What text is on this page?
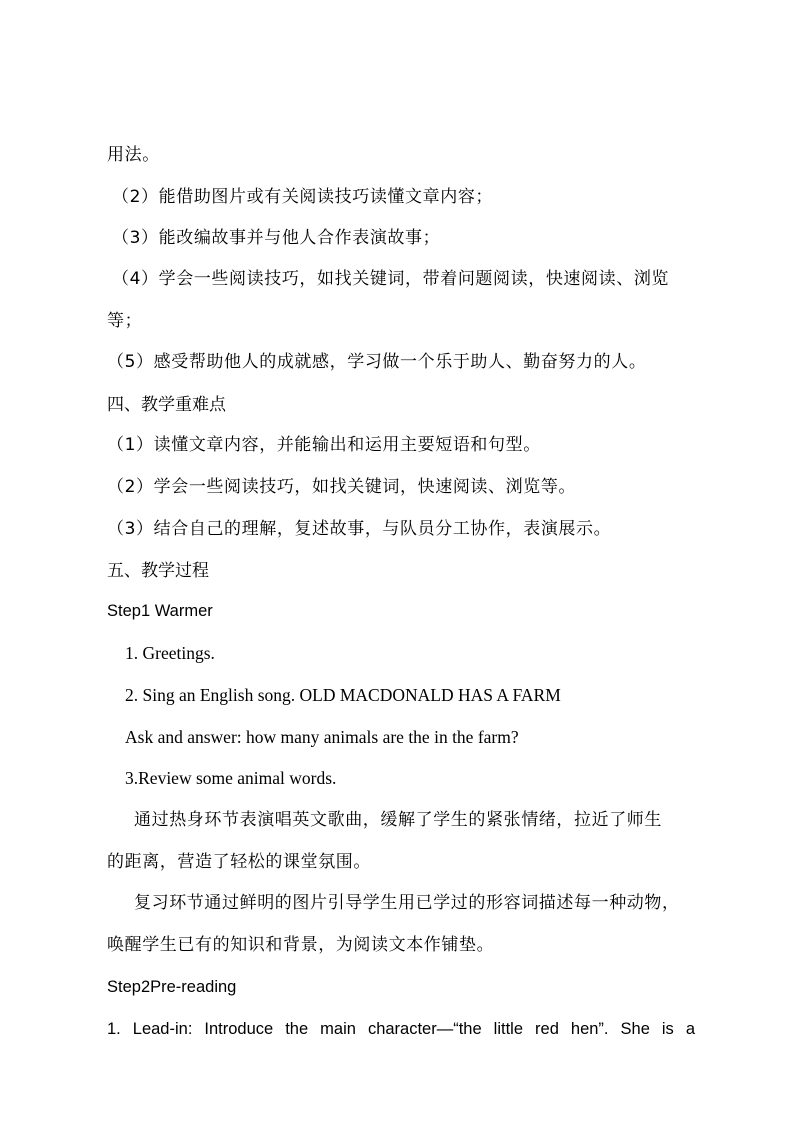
用法。
（2）能借助图片或有关阅读技巧读懂文章内容；
（3）能改编故事并与他人合作表演故事；
（4）学会一些阅读技巧，如找关键词，带着问题阅读，快速阅读、浏览
等；
（5）感受帮助他人的成就感，学习做一个乐于助人、勤奋努力的人。
四、教学重难点
（1）读懂文章内容，并能输出和运用主要短语和句型。
（2）学会一些阅读技巧，如找关键词，快速阅读、浏览等。
（3）结合自己的理解，复述故事，与队员分工协作，表演展示。
五、教学过程
Step1 Warmer
1. Greetings.
2. Sing an English song. OLD MACDONALD HAS A FARM
Ask and answer: how many animals are the in the farm?
3.Review some animal words.
通过热身环节表演唱英文歌曲，缓解了学生的紧张情绪，拉近了师生
的距离，营造了轻松的课堂氛围。
复习环节通过鲜明的图片引导学生用已学过的形容词描述每一种动物，
唤醒学生已有的知识和背景，为阅读文本作铺垫。
Step2Pre-reading
1. Lead-in: Introduce the main character—“the little red hen”. She is a
